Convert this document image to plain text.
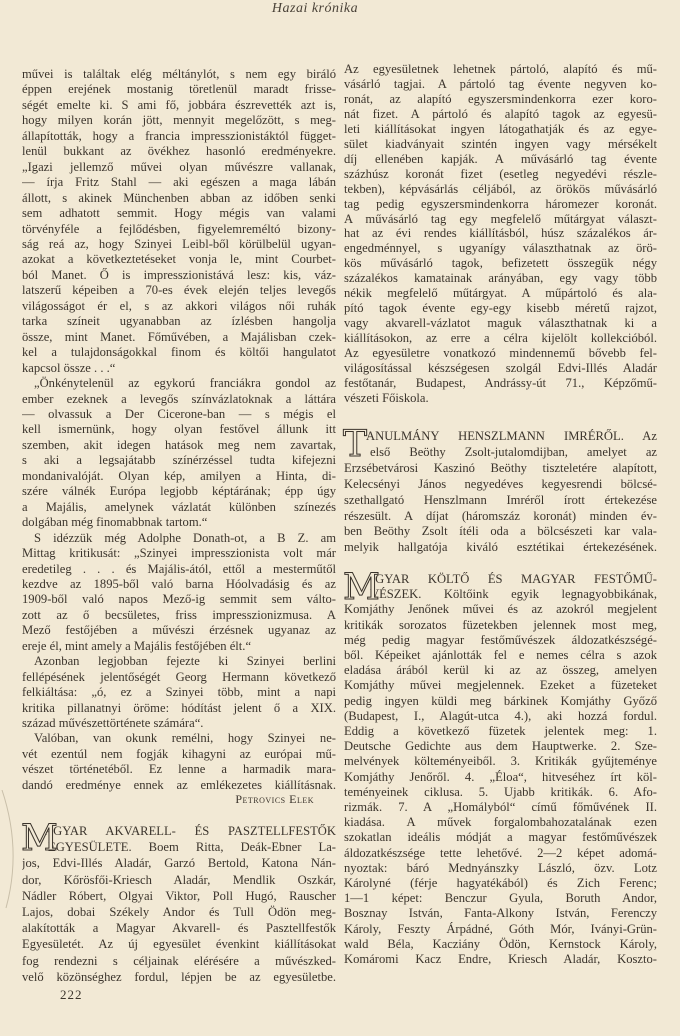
Hazai krónika
művei is találtak elég méltánylót, s nem egy biráló
éppen erejének mostanig töretlenül maradt frisse-
ségét emelte ki. S ami fő, jobbára észrevették azt is,
hogy milyen korán jött, mennyit megelőzött, s meg-
állapították, hogy a francia impresszionistáktól függet-
lenül bukkant az övékhez hasonló eredményekre.
„Igazi jellemző művei olyan művészre vallanak,
— írja Fritz Stahl — aki egészen a maga lábán
állott, s akinek Münchenben abban az időben senki
sem adhatott semmit. Hogy mégis van valami
törvényféle a fejlődésben, figyelemreméltó bizony-
ság reá az, hogy Szinyei Leibl-ből körülbelül ugyan-
azokat a következtetéseket vonja le, mint Courbet-
ból Manet. Ő is impresszionistává lesz: kis, váz-
latszerű képeiben a 70-es évek elején teljes levegős
világosságot ér el, s az akkori világos női ruhák
tarka színeit ugyanabban az ízlésben hangolja
össze, mint Manet. Főművében, a Majálisban czek-
kel a tulajdonságokkal finom és költői hangulatot
kapcsol össze . . .“
„Önkénytelenül az egykorú franciákra gondol az
ember ezeknek a levegős színvázlatoknak a láttára
— olvassuk a Der Cicerone-ban — s mégis el
kell ismernünk, hogy olyan festővel állunk itt
szemben, akit idegen hatások meg nem zavartak,
s aki a legsajátabb színérzéssel tudta kifejezni
mondanivalóját. Olyan kép, amilyen a Hinta, di-
szére válnék Európa legjobb képtárának; épp úgy
a Majális, amelynek vázlatát különben színezés
dolgában még finomabbnak tartom.“
S idézzük még Adolphe Donath-ot, a B Z. am
Mittag kritikusát: „Szinyei impresszionista volt már
eredetileg . . . és Majális-ától, ettől a mesterműtől
kezdve az 1895-ből való barna Hóolvadásig és az
1909-ből való napos Mező-ig semmit sem válto-
zott az ő becsületes, friss impresszionizmusa. A
Mező festőjében a művészi érzésnek ugyanaz az
ereje él, mint amely a Majális festőjében élt.“
Azonban legjobban fejezte ki Szinyei berlini
fellépésének jelentőségét Georg Hermann következő
felkiáltása: „ó, ez a Szinyei több, mint a napi
kritika pillanatnyi öröme: hódítást jelent ő a XIX.
század művészettörténete számára“.
Valóban, van okunk remélni, hogy Szinyei ne-
vét ezentúl nem fogják kihagyni az európai mű-
vészet történetéből. Ez lenne a harmadik mara-
dandó eredménye ennek az emlékezetes kiállításnak.
Petrovics Elek
M
AGYAR AKVARELL- ÉS PASZTELLFESTŐK
EGYESÜLETE. Boem Ritta, Deák-Ebner La-
jos, Edvi-Illés Aladár, Garzó Bertold, Katona Nán-
dor, Kőrösfői-Kriesch Aladár, Mendlik Oszkár,
Nádler Róbert, Olgyai Viktor, Poll Hugó, Rauscher
Lajos, dobai Székely Andor és Tull Ödön meg-
alakították a Magyar Akvarell- és Pasztellfestők
Egyesületét. Az új egyesület évenkint kiállításokat
fog rendezni s céljainak elérésére a művészked-
velő közönséghez fordul, lépjen be az egyesületbe.
222
Az egyesületnek lehetnek pártoló, alapító és mű-
vásárló tagjai. A pártoló tag évente negyven ko-
ronát, az alapító egyszersmindenkorra ezer koro-
nát fizet. A pártoló és alapító tagok az egyesü-
leti kiállításokat ingyen látogathatják és az egye-
sület kiadványait szintén ingyen vagy mérsékelt
díj ellenében kapják. A művásárló tag évente
százhúsz koronát fizet (esetleg negyedévi részle-
tekben), képvásárlás céljából, az örökös művásárló
tag pedig egyszersmindenkorra háromezer koronát.
A művásárló tag egy megfelelő műtárgyat választ-
hat az évi rendes kiállításból, húsz százalékos ár-
engedménnyel, s ugyanígy választhatnak az örö-
kös művásárló tagok, befizetett összegük négy
százalékos kamatainak arányában, egy vagy több
nékik megfelelő műtárgyat. A műpártoló és ala-
pító tagok évente egy-egy kisebb méretű rajzot,
vagy akvarell-vázlatot maguk választhatnak ki a
kiállításokon, az erre a célra kijelölt kollekcióból.
Az egyesületre vonatkozó mindennemű bővebb fel-
világosítással készségesen szolgál Edvi-Illés Aladár
festőtanár, Budapest, Andrássy-út 71., Képzőmű-
vészeti Főiskola.
T
ANULMÁNY HENSZLMANN IMRÉRŐL. Az
első Beöthy Zsolt-jutalomdijban, amelyet az
Erzsébetvárosi Kaszinó Beöthy tiszteletére alapított,
Kelecsényi János negyedéves kegyesrendi bölcsé-
szethallgató Henszlmann Imréről írott értekezése
részesült. A díjat (háromszáz koronát) minden év-
ben Beöthy Zsolt ítéli oda a bölcsészeti kar vala-
melyik hallgatója kiváló esztétikai értekezésének.
M
AGYAR KÖLTŐ ÉS MAGYAR FESTŐMŰ-
VÉSZEK. Költőink egyik legnagyobbikának,
Komjáthy Jenőnek művei és az azokról megjelent
kritikák sorozatos füzetekben jelennek most meg,
még pedig magyar festőművészek áldozatkészségé-
ből. Képeiket ajánlották fel e nemes célra s azok
eladása árából kerül ki az az összeg, amelyen
Komjáthy művei megjelennek. Ezeket a füzeteket
pedig ingyen küldi meg bárkinek Komjáthy Győző
(Budapest, I., Alagút-utca 4.), aki hozzá fordul.
Eddig a következő füzetek jelentek meg: 1.
Deutsche Gedichte aus dem Hauptwerke. 2. Sze-
melvények költeményeiből. 3. Kritikák gyűjteménye
Komjáthy Jenőről. 4. „Éloa“, hitveséhez írt köl-
teményeinek ciklusa. 5. Ujabb kritikák. 6. Afo-
rizmák. 7. A „Homályból“ című főművének II.
kiadása. A művek forgalombahozatalának ezen
szokatlan ideális módját a magyar festőművészek
áldozatkészsége tette lehetővé. 2—2 képet adomá-
nyoztak: báró Mednyánszky László, özv. Lotz
Károlyné (férje hagyatékából) és Zich Ferenc;
1—1 képet: Benczur Gyula, Boruth Andor,
Bosznay István, Fanta-Alkony István, Ferenczy
Károly, Feszty Árpádné, Góth Mór, Iványi-Grün-
wald Béla, Kacziány Ödön, Kernstock Károly,
Komáromi Kacz Endre, Kriesch Aladár, Koszto-
